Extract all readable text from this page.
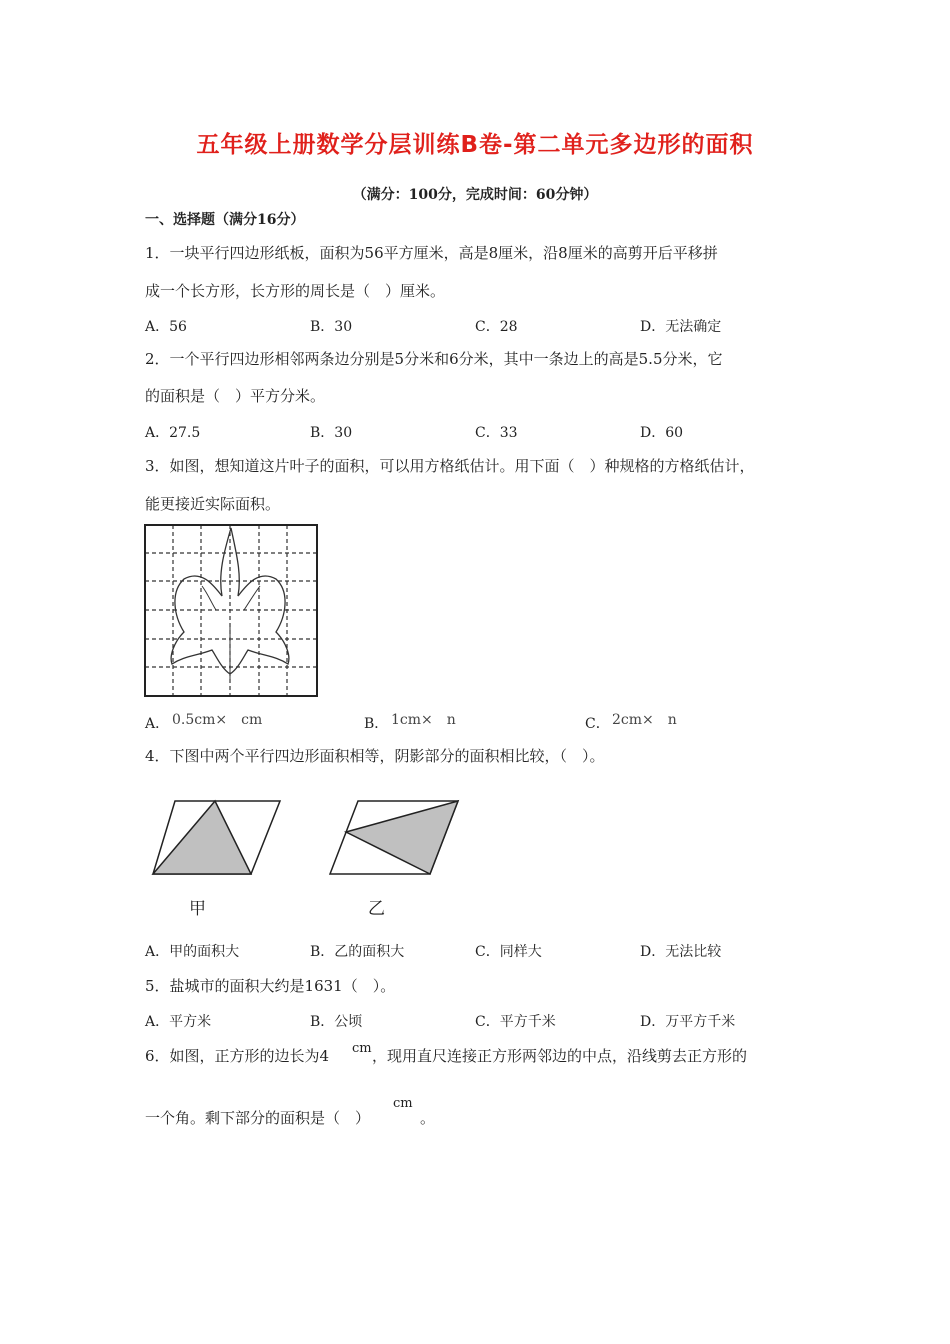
五年级上册数学分层训练B卷-第二单元多边形的面积
（满分：100分，完成时间：60分钟）
一、选择题（满分16分）
1．一块平行四边形纸板，面积为56平方厘米，高是8厘米，沿8厘米的高剪开后平移拼
成一个长方形，长方形的周长是（　）厘米。
A．56	B．30	C．28	D．无法确定
2．一个平行四边形相邻两条边分别是5分米和6分米，其中一条边上的高是5.5分米，它
的面积是（　）平方分米。
A．27.5	B．30	C．33	D．60
3．如图，想知道这片叶子的面积，可以用方格纸估计。用下面（　）种规格的方格纸估计，
能更接近实际面积。
A． 0.5cm×　cm	B． 1cm×　n	C． 2cm×　n
4．下图中两个平行四边形面积相等，阴影部分的面积相比较，（　）。
甲	乙
A．甲的面积大	B．乙的面积大	C．同样大	D．无法比较
5．盐城市的面积大约是1631（　）。
A．平方米	B．公顷	C．平方千米	D．万平方千米
6．如图，正方形的边长为4 cm ，现用直尺连接正方形两邻边的中点，沿线剪去正方形的
一个角。剩下部分的面积是（　）
cm
。
